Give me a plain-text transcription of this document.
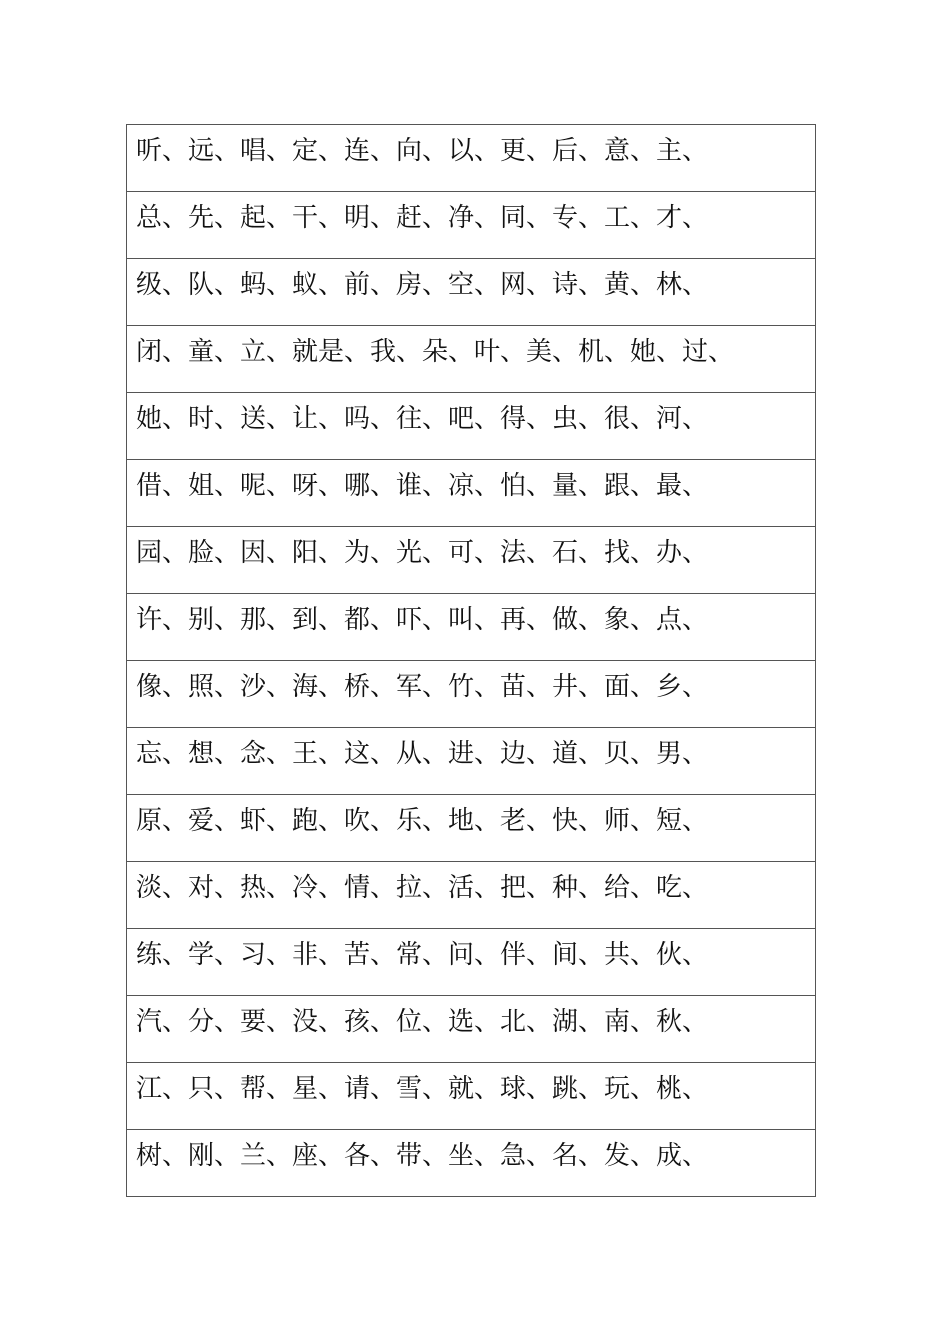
听、远、唱、定、连、向、以、更、后、意、主、
总、先、起、干、明、赶、净、同、专、工、才、
级、队、蚂、蚁、前、房、空、网、诗、黄、林、
闭、童、立、就是、我、朵、叶、美、机、她、过、
她、时、送、让、吗、往、吧、得、虫、很、河、
借、姐、呢、呀、哪、谁、凉、怕、量、跟、最、
园、脸、因、阳、为、光、可、法、石、找、办、
许、别、那、到、都、吓、叫、再、做、象、点、
像、照、沙、海、桥、军、竹、苗、井、面、乡、
忘、想、念、王、这、从、进、边、道、贝、男、
原、爱、虾、跑、吹、乐、地、老、快、师、短、
淡、对、热、冷、情、拉、活、把、种、给、吃、
练、学、习、非、苦、常、问、伴、间、共、伙、
汽、分、要、没、孩、位、选、北、湖、南、秋、
江、只、帮、星、请、雪、就、球、跳、玩、桃、
树、刚、兰、座、各、带、坐、急、名、发、成、
